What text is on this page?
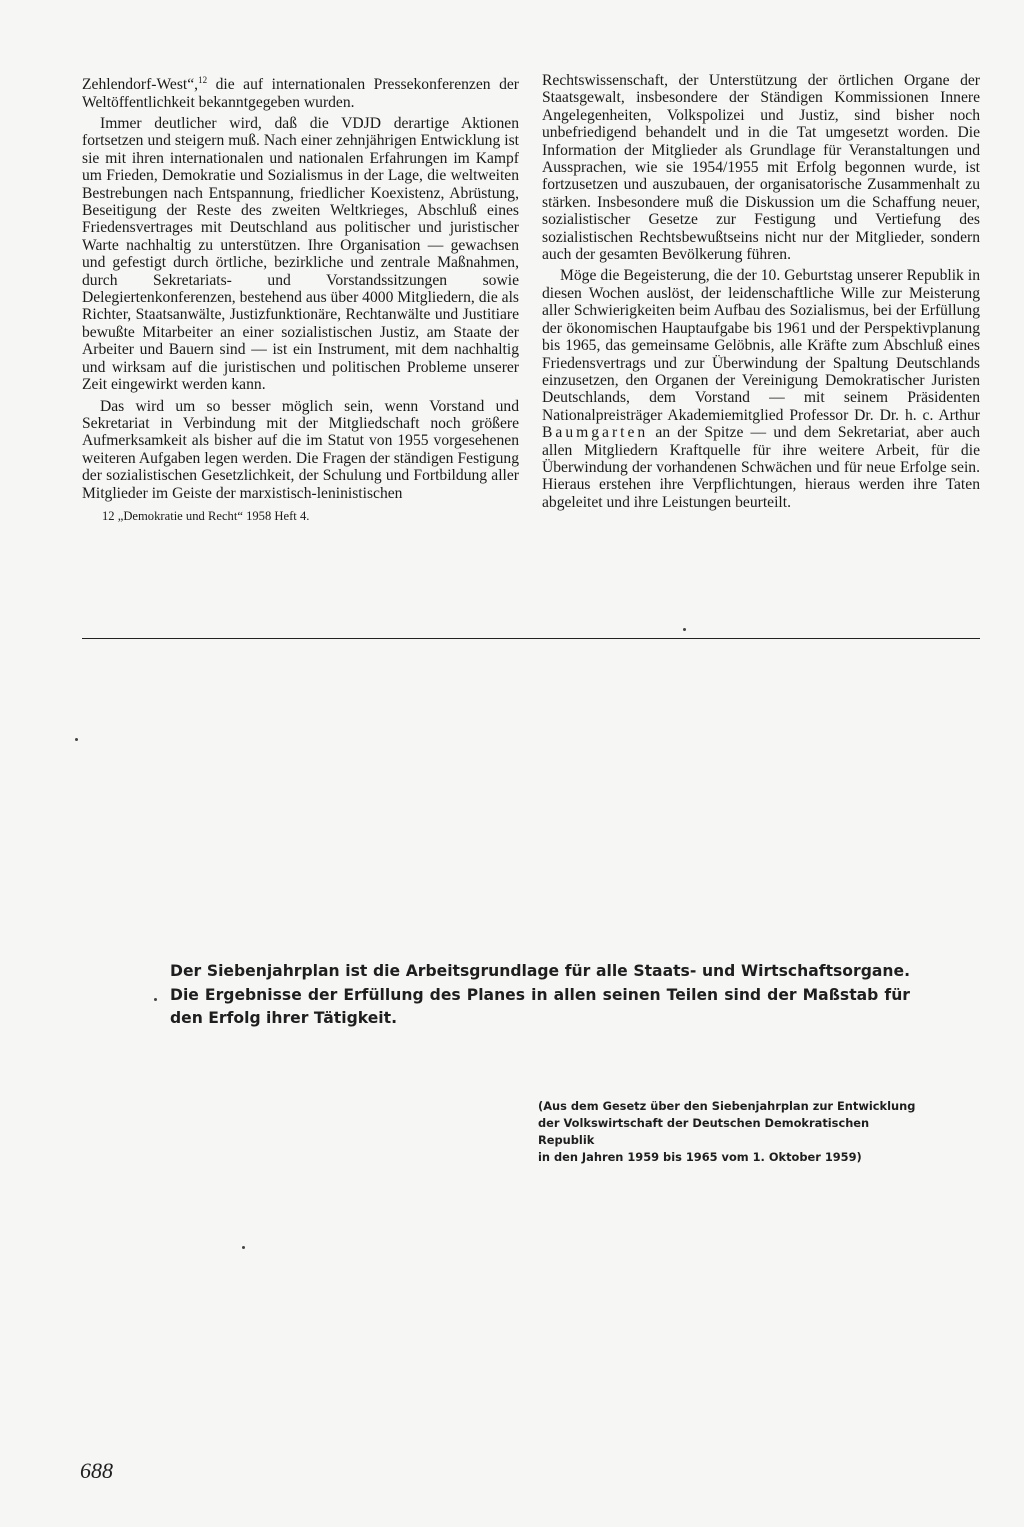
Zehlendorf-West“,$^{12}$ die auf internationalen Pressekonferenzen der Weltöffentlichkeit bekanntgegeben wurden.

Immer deutlicher wird, daß die VDJD derartige Aktionen fortsetzen und steigern muß. Nach einer zehnjährigen Entwicklung ist sie mit ihren internationalen und nationalen Erfahrungen im Kampf um Frieden, Demokratie und Sozialismus in der Lage, die weltweiten Bestrebungen nach Entspannung, friedlicher Koexistenz, Abrüstung, Beseitigung der Reste des zweiten Weltkrieges, Abschluß eines Friedensvertrages mit Deutschland aus politischer und juristischer Warte nachhaltig zu unterstützen. Ihre Organisation — gewachsen und gefestigt durch örtliche, bezirkliche und zentrale Maßnahmen, durch Sekretariats- und Vorstandssitzungen sowie Delegiertenkonferenzen, bestehend aus über 4000 Mitgliedern, die als Richter, Staatsanwälte, Justizfunktionäre, Rechtanwälte und Justitiare bewußte Mitarbeiter an einer sozialistischen Justiz, am Staate der Arbeiter und Bauern sind — ist ein Instrument, mit dem nachhaltig und wirksam auf die juristischen und politischen Probleme unserer Zeit eingewirkt werden kann.

Das wird um so besser möglich sein, wenn Vorstand und Sekretariat in Verbindung mit der Mitgliedschaft noch größere Aufmerksamkeit als bisher auf die im Statut von 1955 vorgesehenen weiteren Aufgaben legen werden. Die Fragen der ständigen Festigung der sozialistischen Gesetzlichkeit, der Schulung und Fortbildung aller Mitglieder im Geiste der marxistisch-leninistischen

12 „Demokratie und Recht“ 1958 Heft 4.

Rechtswissenschaft, der Unterstützung der örtlichen Organe der Staatsgewalt, insbesondere der Ständigen Kommissionen Innere Angelegenheiten, Volkspolizei und Justiz, sind bisher noch unbefriedigend behandelt und in die Tat umgesetzt worden. Die Information der Mitglieder als Grundlage für Veranstaltungen und Aussprachen, wie sie 1954/1955 mit Erfolg begonnen wurde, ist fortzusetzen und auszubauen, der organisatorische Zusammenhalt zu stärken. Insbesondere muß die Diskussion um die Schaffung neuer, sozialistischer Gesetze zur Festigung und Vertiefung des sozialistischen Rechtsbewußtseins nicht nur der Mitglieder, sondern auch der gesamten Bevölkerung führen.

Möge die Begeisterung, die der 10. Geburtstag unserer Republik in diesen Wochen auslöst, der leidenschaftliche Wille zur Meisterung aller Schwierigkeiten beim Aufbau des Sozialismus, bei der Erfüllung der ökonomischen Hauptaufgabe bis 1961 und der Perspektivplanung bis 1965, das gemeinsame Gelöbnis, alle Kräfte zum Abschluß eines Friedensvertrags und zur Überwindung der Spaltung Deutschlands einzusetzen, den Organen der Vereinigung Demokratischer Juristen Deutschlands, dem Vorstand — mit seinem Präsidenten Nationalpreisträger Akademiemitglied Professor Dr. Dr. h. c. Arthur Baumgarten an der Spitze — und dem Sekretariat, aber auch allen Mitgliedern Kraftquelle für ihre weitere Arbeit, für die Überwindung der vorhandenen Schwächen und für neue Erfolge sein. Hieraus erstehen ihre Verpflichtungen, hieraus werden ihre Taten abgeleitet und ihre Leistungen beurteilt.

Der Siebenjahrplan ist die Arbeitsgrundlage für alle Staats- und Wirtschaftsorgane. Die Ergebnisse der Erfüllung des Planes in allen seinen Teilen sind der Maßstab für den Erfolg ihrer Tätigkeit.
(Aus dem Gesetz über den Siebenjahrplan zur Entwicklung
der Volkswirtschaft der Deutschen Demokratischen Republik
in den Jahren 1959 bis 1965 vom 1. Oktober 1959)
688
